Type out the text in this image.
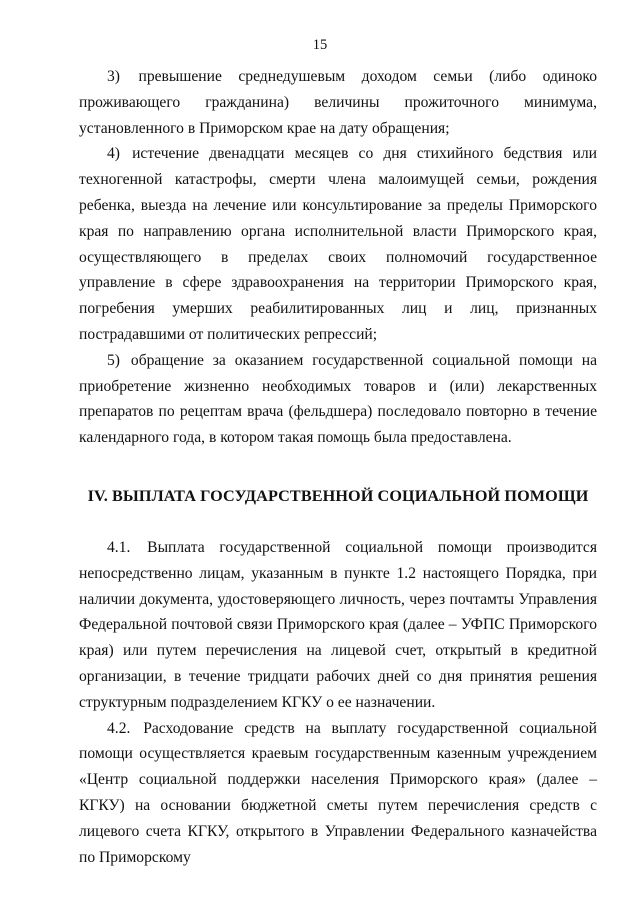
15

3) превышение среднедушевым доходом семьи (либо одиноко проживающего гражданина) величины прожиточного минимума, установленного в Приморском крае на дату обращения;

4) истечение двенадцати месяцев со дня стихийного бедствия или техногенной катастрофы, смерти члена малоимущей семьи, рождения ребенка, выезда на лечение или консультирование за пределы Приморского края по направлению органа исполнительной власти Приморского края, осуществляющего в пределах своих полномочий государственное управление в сфере здравоохранения на территории Приморского края, погребения умерших реабилитированных лиц и лиц, признанных пострадавшими от политических репрессий;

5) обращение за оказанием государственной социальной помощи на приобретение жизненно необходимых товаров и (или) лекарственных препаратов по рецептам врача (фельдшера) последовало повторно в течение календарного года, в котором такая помощь была предоставлена.

IV. ВЫПЛАТА ГОСУДАРСТВЕННОЙ СОЦИАЛЬНОЙ ПОМОЩИ

4.1. Выплата государственной социальной помощи производится непосредственно лицам, указанным в пункте 1.2 настоящего Порядка, при наличии документа, удостоверяющего личность, через почтамты Управления Федеральной почтовой связи Приморского края (далее – УФПС Приморского края) или путем перечисления на лицевой счет, открытый в кредитной организации, в течение тридцати рабочих дней со дня принятия решения структурным подразделением КГКУ о ее назначении.

4.2. Расходование средств на выплату государственной социальной помощи осуществляется краевым государственным казенным учреждением «Центр социальной поддержки населения Приморского края» (далее – КГКУ) на основании бюджетной сметы путем перечисления средств с лицевого счета КГКУ, открытого в Управлении Федерального казначейства по Приморскому
